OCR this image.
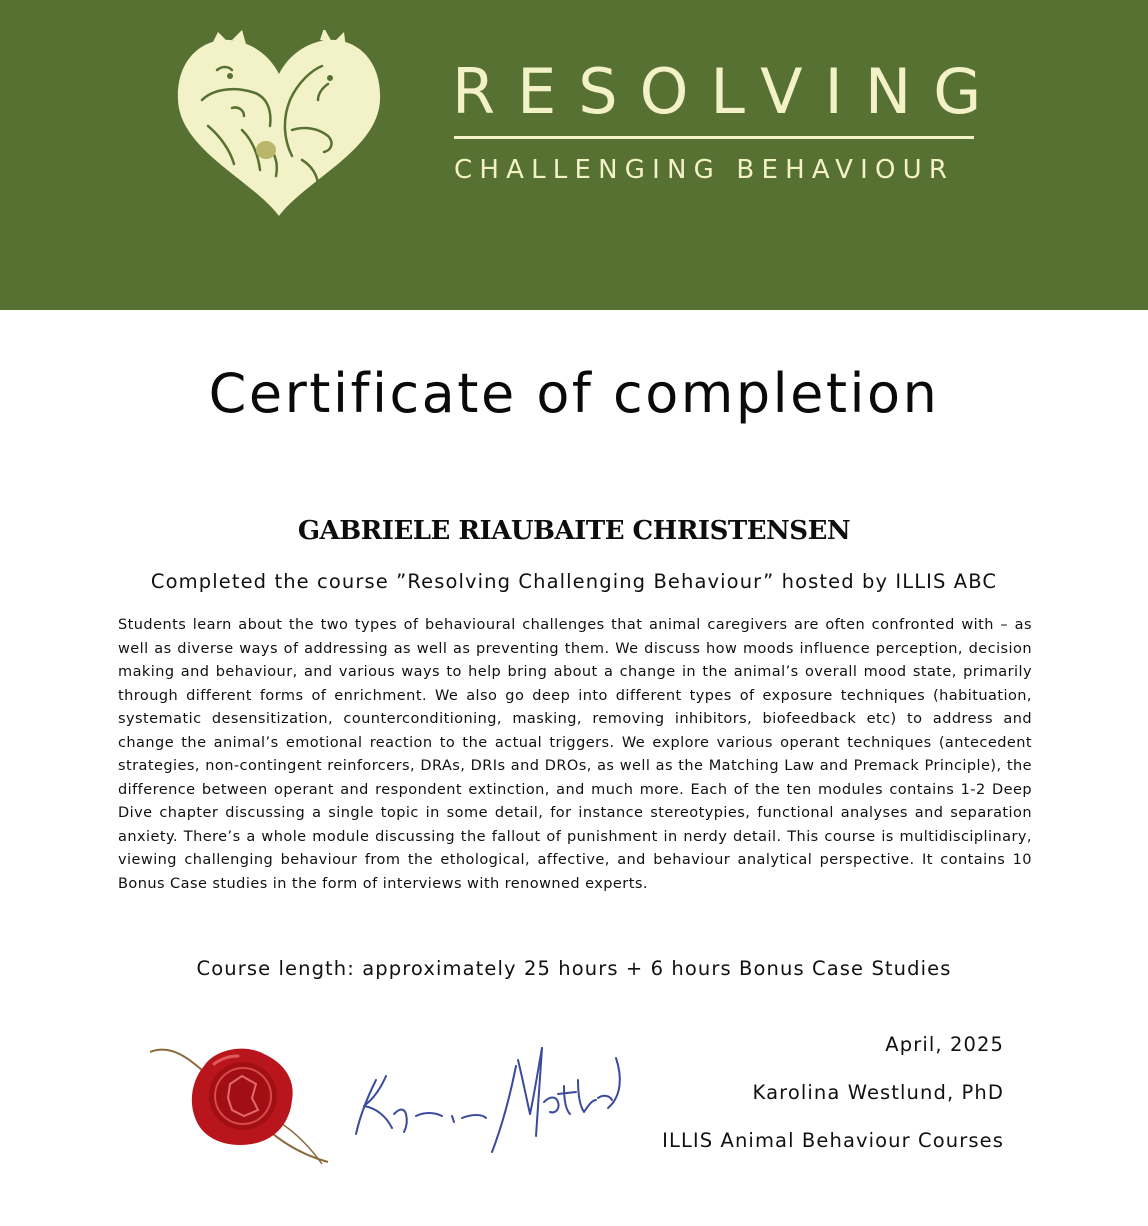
RESOLVING
CHALLENGING BEHAVIOUR
Certificate of completion
GABRIELE RIAUBAITE CHRISTENSEN
Completed the course ”Resolving Challenging Behaviour” hosted by ILLIS ABC

Students learn about the two types of behavioural challenges that animal caregivers are often confronted with – as well as diverse ways of addressing as well as preventing them. We discuss how moods influence perception, decision making and behaviour, and various ways to help bring about a change in the animal’s overall mood state, primarily through different forms of enrichment. We also go deep into different types of exposure techniques (habituation, systematic desensitization, counterconditioning, masking, removing inhibitors, biofeedback etc) to address and change the animal’s emotional reaction to the actual triggers. We explore various operant techniques (antecedent strategies, non-contingent reinforcers, DRAs, DRIs and DROs, as well as the Matching Law and Premack Principle), the difference between operant and respondent extinction, and much more. Each of the ten modules contains 1-2 Deep Dive chapter discussing a single topic in some detail, for instance stereotypies, functional analyses and separation anxiety. There’s a whole module discussing the fallout of punishment in nerdy detail. This course is multidisciplinary, viewing challenging behaviour from the ethological, affective, and behaviour analytical perspective. It contains 10 Bonus Case studies in the form of interviews with renowned experts.

Course length: approximately 25 hours + 6 hours Bonus Case Studies
April, 2025
Karolina Westlund, PhD
ILLIS Animal Behaviour Courses
